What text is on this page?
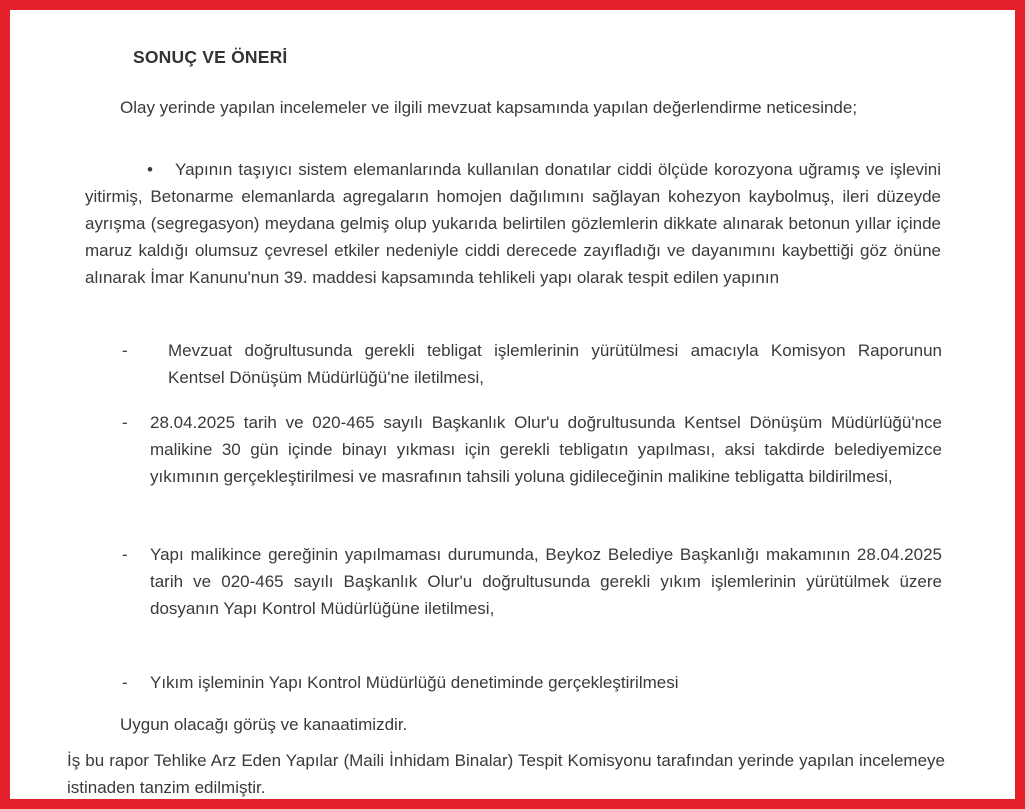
SONUÇ VE ÖNERİ

Olay yerinde yapılan incelemeler ve ilgili mevzuat kapsamında yapılan değerlendirme neticesinde;

• Yapının taşıyıcı sistem elemanlarında kullanılan donatılar ciddi ölçüde korozyona uğramış ve işlevini yitirmiş, Betonarme elemanlarda agregaların homojen dağılımını sağlayan kohezyon kaybolmuş, ileri düzeyde ayrışma (segregasyon) meydana gelmiş olup yukarıda belirtilen gözlemlerin dikkate alınarak betonun yıllar içinde maruz kaldığı olumsuz çevresel etkiler nedeniyle ciddi derecede zayıfladığı ve dayanımını kaybettiği göz önüne alınarak İmar Kanunu'nun 39. maddesi kapsamında tehlikeli yapı olarak tespit edilen yapının
- Mevzuat doğrultusunda gerekli tebligat işlemlerinin yürütülmesi amacıyla Komisyon Raporunun Kentsel Dönüşüm Müdürlüğü'ne iletilmesi,
- 28.04.2025 tarih ve 020-465 sayılı Başkanlık Olur'u doğrultusunda Kentsel Dönüşüm Müdürlüğü'nce malikine 30 gün içinde binayı yıkması için gerekli tebligatın yapılması, aksi takdirde belediyemizce yıkımının gerçekleştirilmesi ve masrafının tahsili yoluna gidileceğinin malikine tebligatta bildirilmesi,
- Yapı malikince gereğinin yapılmaması durumunda, Beykoz Belediye Başkanlığı makamının 28.04.2025 tarih ve 020-465 sayılı Başkanlık Olur'u doğrultusunda gerekli yıkım işlemlerinin yürütülmek üzere dosyanın Yapı Kontrol Müdürlüğüne iletilmesi,
- Yıkım işleminin Yapı Kontrol Müdürlüğü denetiminde gerçekleştirilmesi

Uygun olacağı görüş ve kanaatimizdir.

İş bu rapor Tehlike Arz Eden Yapılar (Maili İnhidam Binalar) Tespit Komisyonu tarafından yerinde yapılan incelemeye istinaden tanzim edilmiştir.
